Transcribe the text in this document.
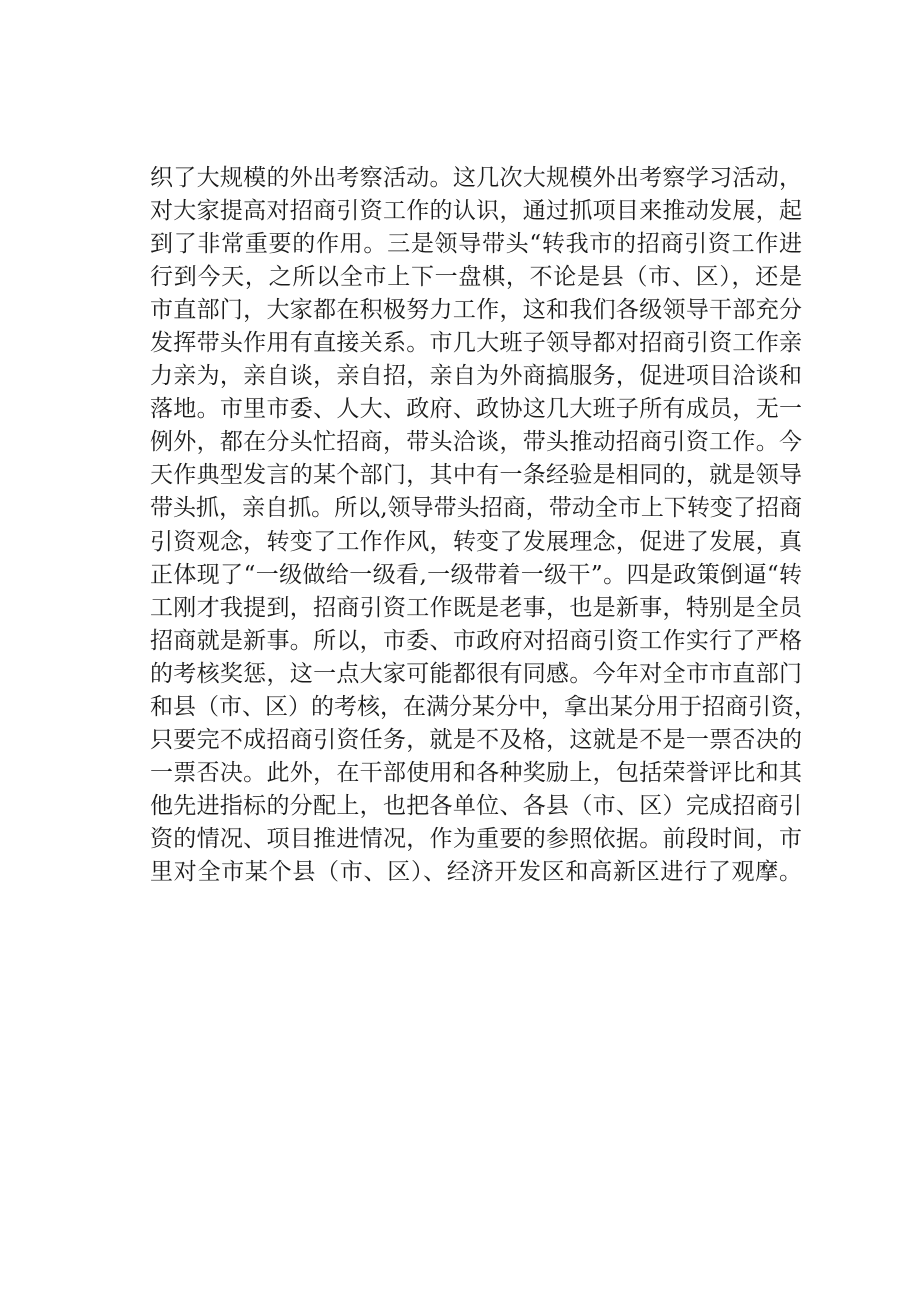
织了大规模的外出考察活动。这几次大规模外出考察学习活动，
对大家提高对招商引资工作的认识，通过抓项目来推动发展，起
到了非常重要的作用。三是领导带头“转我市的招商引资工作进
行到今天，之所以全市上下一盘棋，不论是县（市、区），还是
市直部门，大家都在积极努力工作，这和我们各级领导干部充分
发挥带头作用有直接关系。市几大班子领导都对招商引资工作亲
力亲为，亲自谈，亲自招，亲自为外商搞服务，促进项目洽谈和
落地。市里市委、人大、政府、政协这几大班子所有成员，无一
例外，都在分头忙招商，带头洽谈，带头推动招商引资工作。今
天作典型发言的某个部门，其中有一条经验是相同的，就是领导
带头抓，亲自抓。所以,领导带头招商，带动全市上下转变了招商
引资观念，转变了工作作风，转变了发展理念，促进了发展，真
正体现了“一级做给一级看,一级带着一级干”。四是政策倒逼“转
工刚才我提到，招商引资工作既是老事，也是新事，特别是全员
招商就是新事。所以，市委、市政府对招商引资工作实行了严格
的考核奖惩，这一点大家可能都很有同感。今年对全市市直部门
和县（市、区）的考核，在满分某分中，拿出某分用于招商引资，
只要完不成招商引资任务，就是不及格，这就是不是一票否决的
一票否决。此外，在干部使用和各种奖励上，包括荣誉评比和其
他先进指标的分配上，也把各单位、各县（市、区）完成招商引
资的情况、项目推进情况，作为重要的参照依据。前段时间，市
里对全市某个县（市、区）、经济开发区和高新区进行了观摩。
